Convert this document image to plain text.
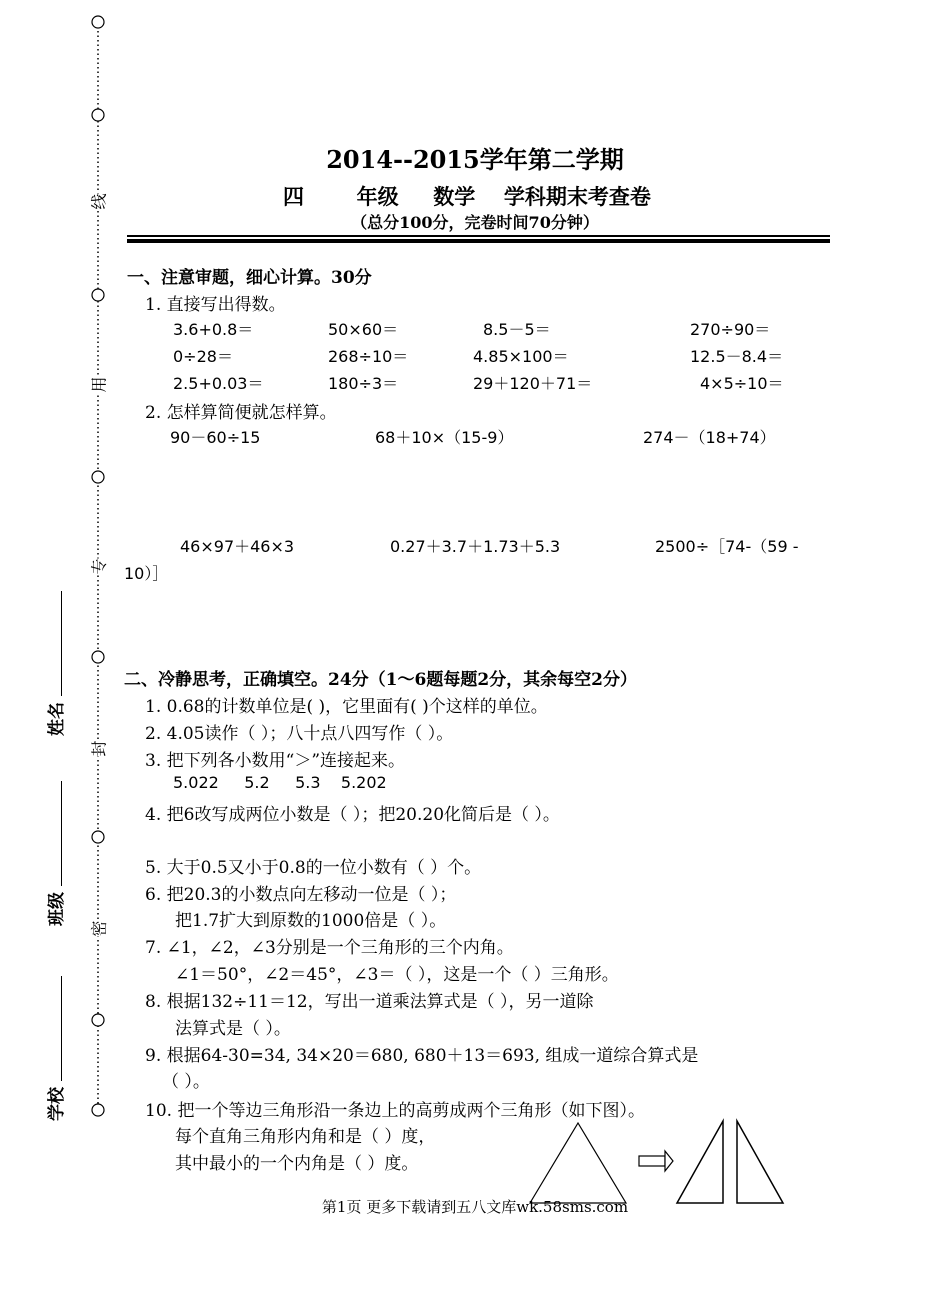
线
用
专
封
密
姓名
班级
学校
2014--2015学年第二学期
四	年级 数学 学科期末考查卷
（总分100分，完卷时间70分钟）
一、注意审题，细心计算。30分
1. 直接写出得数。
3.6+0.8＝	50×60＝	8.5－5＝	270÷90＝
0÷28＝	268÷10＝	4.85×100＝	12.5－8.4＝
2.5+0.03＝	180÷3＝	29＋120＋71＝	4×5÷10＝
2. 怎样算简便就怎样算。
90－60÷15	68＋10×（15-9）	274－（18+74）
46×97＋46×3	0.27＋3.7＋1.73＋5.3	2500÷［74-（59 -
10）］
二、冷静思考，正确填空。24分（1～6题每题2分，其余每空2分）
1. 0.68的计数单位是( )，它里面有( )个这样的单位。
2. 4.05读作（ ）；八十点八四写作（ ）。
3. 把下列各小数用“＞”连接起来。
5.022     5.2     5.3    5.202
4. 把6改写成两位小数是（ ）；把20.20化简后是（ ）。
5. 大于0.5又小于0.8的一位小数有（ ）个。
6. 把20.3的小数点向左移动一位是（ ）；
把1.7扩大到原数的1000倍是（ ）。
7. ∠1，∠2，∠3分别是一个三角形的三个内角。
∠1＝50°，∠2＝45°，∠3＝（ ），这是一个（ ）三角形。
8. 根据132÷11＝12，写出一道乘法算式是（ ），另一道除
法算式是（ ）。
9. 根据64-30=34, 34×20＝680, 680＋13＝693, 组成一道综合算式是
（ ）。
10. 把一个等边三角形沿一条边上的高剪成两个三角形（如下图）。
每个直角三角形内角和是（ ）度，
其中最小的一个内角是（ ）度。
第1页 更多下载请到五八文库wk.58sms.com
